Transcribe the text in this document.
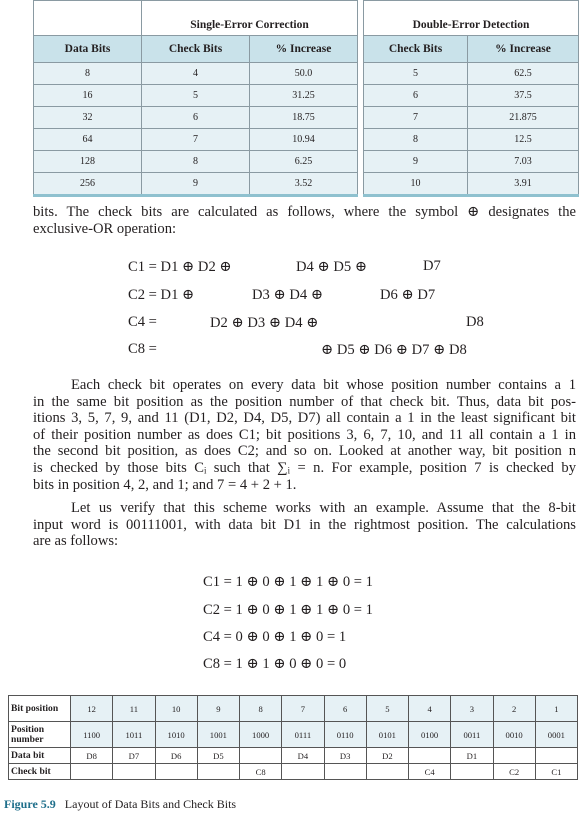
	Single-Error Correction			Double-Error Detection	
Data Bits	Check Bits	% Increase		Check Bits	% Increase
8	4	50.0		5	62.5
16	5	31.25		6	37.5
32	6	18.75		7	21.875
64	7	10.94		8	12.5
128	8	6.25		9	7.03
256	9	3.52		10	3.91
bits. The check bits are calculated as follows, where the symbol ⊕ designates the
exclusive-OR operation:
C1 = D1 ⊕ D2 ⊕	D4 ⊕ D5 ⊕	D7
C2 = D1 ⊕	D3 ⊕ D4 ⊕	D6 ⊕ D7
C4 =	D2 ⊕ D3 ⊕ D4 ⊕	D8
C8 =	⊕ D5 ⊕ D6 ⊕ D7 ⊕ D8
Each check bit operates on every data bit whose position number contains a 1
in the same bit position as the position number of that check bit. Thus, data bit pos-
itions 3, 5, 7, 9, and 11 (D1, D2, D4, D5, D7) all contain a 1 in the least significant bit
of their position number as does C1; bit positions 3, 6, 7, 10, and 11 all contain a 1 in
the second bit position, as does C2; and so on. Looked at another way, bit position n
is checked by those bits Cᵢ such that ∑ᵢ = n. For example, position 7 is checked by
bits in position 4, 2, and 1; and 7 = 4 + 2 + 1.
Let us verify that this scheme works with an example. Assume that the 8-bit
input word is 00111001, with data bit D1 in the rightmost position. The calculations
are as follows:
C1 = 1 ⊕ 0 ⊕ 1 ⊕ 1 ⊕ 0 = 1
C2 = 1 ⊕ 0 ⊕ 1 ⊕ 1 ⊕ 0 = 1
C4 = 0 ⊕ 0 ⊕ 1 ⊕ 0 = 1
C8 = 1 ⊕ 1 ⊕ 0 ⊕ 0 = 0
Bit position	12	11	10	9	8	7	6	5	4	3	2	1
Position number	1100	1011	1010	1001	1000	0111	0110	0101	0100	0011	0010	0001
Data bit	D8	D7	D6	D5		D4	D3	D2		D1		
Check bit					C8				C4		C2	C1
Figure 5.9 Layout of Data Bits and Check Bits
